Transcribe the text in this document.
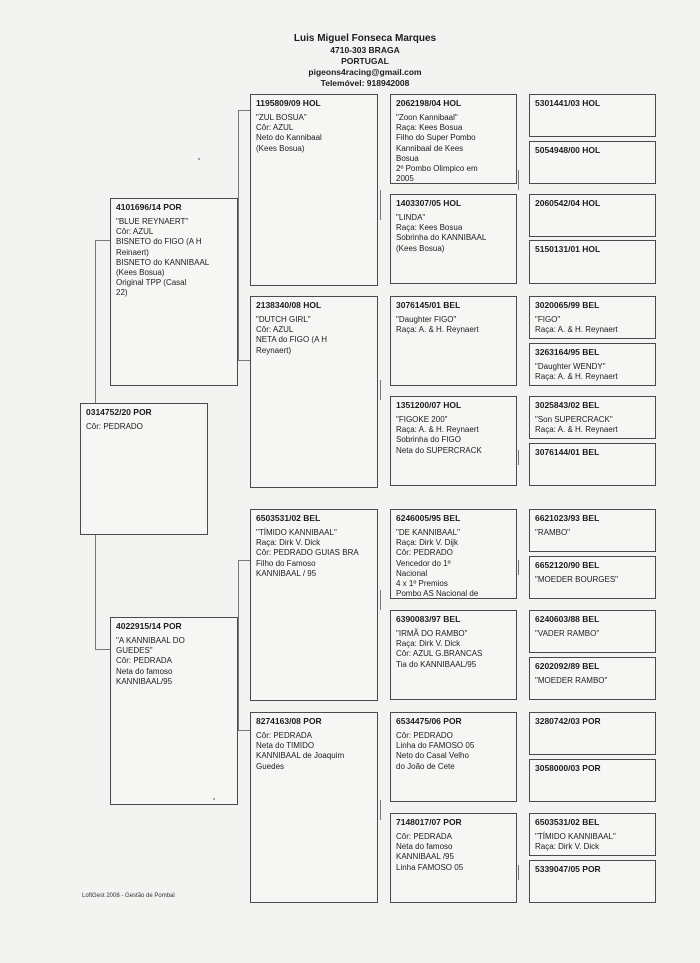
Luis Miguel Fonseca Marques
4710-303 BRAGA
PORTUGAL
pigeons4racing@gmail.com
Telemóvel: 918942008
0314752/20 POR
Côr: PEDRADO
4101696/14 POR
"BLUE REYNAERT"
Côr: AZUL
BISNETO do FIGO (A H
Reinaert)
BISNETO do KANNIBAAL
(Kees Bosua)
Original TPP (Casal
22)
4022915/14 POR
"A KANNIBAAL DO
GUEDES"
Côr: PEDRADA
Neta do famoso
KANNIBAAL/95
1195809/09 HOL
"ZUL BOSUA"
Côr: AZUL
Neto do Kannibaal
(Kees Bosua)
2138340/08 HOL
"DUTCH GIRL"
Côr: AZUL
NETA do FIGO (A H
Reynaert)
6503531/02 BEL
"TÍMIDO KANNIBAAL"
Raça: Dirk V. Dick
Côr: PEDRADO GUIAS BRA
Filho do Famoso
KANNIBAAL / 95
8274163/08 POR
Côr: PEDRADA
Neta do TIMIDO
KANNIBAAL de Joaquim
Guedes
2062198/04 HOL
"Zoon Kannibaal"
Raça: Kees Bosua
Filho do Super Pombo
Kannibaal de Kees
Bosua
2º Pombo Olimpico em
2005
1403307/05 HOL
"LINDA"
Raça: Kees Bosua
Sobrinha do KANNIBAAL
(Kees Bosua)
3076145/01 BEL
"Daughter FIGO"
Raça: A. & H. Reynaert
1351200/07 HOL
"FIGOKE 200"
Raça: A. & H. Reynaert
Sobrinha do FIGO
Neta do SUPERCRACK
6246005/95 BEL
"DE KANNIBAAL"
Raça: Dirk V. Dijk
Côr: PEDRADO
Vencedor do 1º
Nacional
4 x 1º Premios
Pombo AS Nacional de
6390083/97 BEL
"IRMÃ DO RAMBO"
Raça: Dirk V. Dick
Côr: AZUL G.BRANCAS
Tia do KANNIBAAL/95
6534475/06 POR
Côr: PEDRADO
Linha do FAMOSO 05
Neto do Casal Velho
do João de Cete
7148017/07 POR
Côr: PEDRADA
Neta do famoso
KANNIBAAL /95
Linha FAMOSO 05
5301441/03 HOL
5054948/00 HOL
2060542/04 HOL
5150131/01 HOL
3020065/99 BEL
"FIGO"
Raça: A. & H. Reynaert
3263164/95 BEL
"Daughter WENDY"
Raça: A. & H. Reynaert
3025843/02 BEL
"Son SUPERCRACK"
Raça: A. & H. Reynaert
3076144/01 BEL
6621023/93 BEL
"RAMBO"
6652120/90 BEL
"MOEDER BOURGES"
6240603/88 BEL
"VADER RAMBO"
6202092/89 BEL
"MOEDER RAMBO"
3280742/03 POR
3058000/03 POR
6503531/02 BEL
"TÍMIDO KANNIBAAL"
Raça: Dirk V. Dick
5339047/05 POR
LoftGest 2008 - Gestão de Pombal
